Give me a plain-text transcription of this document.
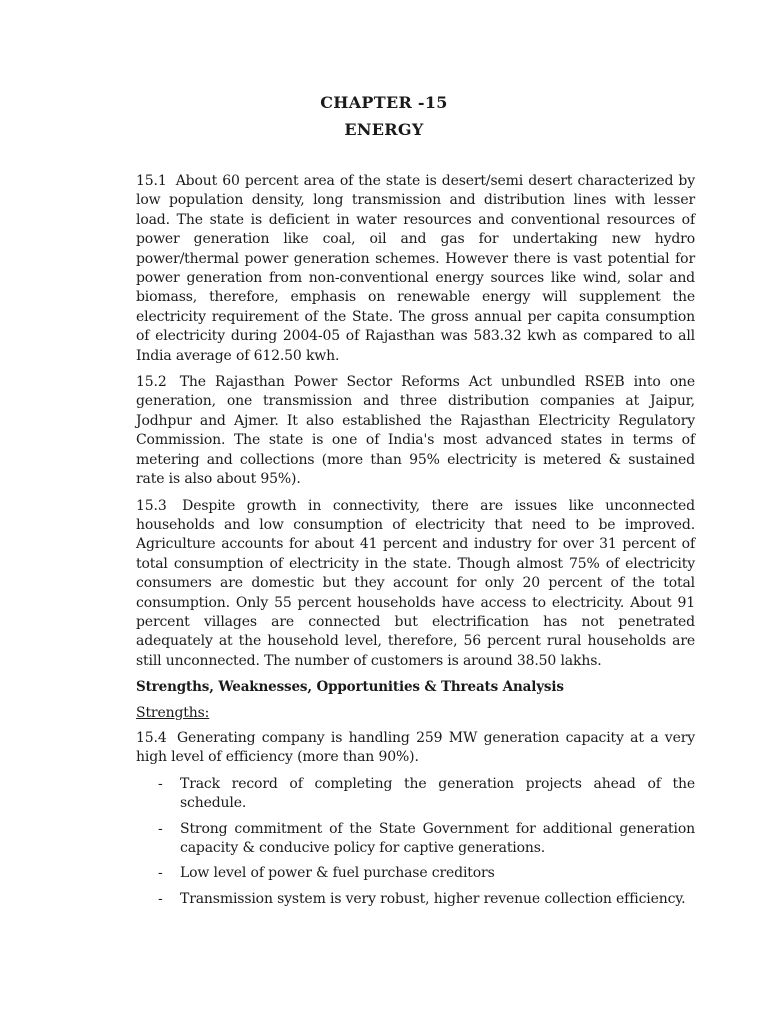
CHAPTER -15
ENERGY

15.1 About 60 percent area of the state is desert/semi desert characterized by low population density, long transmission and distribution lines with lesser load. The state is deficient in water resources and conventional resources of power generation like coal, oil and gas for undertaking new hydro power/thermal power generation schemes. However there is vast potential for power generation from non-conventional energy sources like wind, solar and biomass, therefore, emphasis on renewable energy will supplement the electricity requirement of the State. The gross annual per capita consumption of electricity during 2004-05 of Rajasthan was 583.32 kwh as compared to all India average of 612.50 kwh.

15.2 The Rajasthan Power Sector Reforms Act unbundled RSEB into one generation, one transmission and three distribution companies at Jaipur, Jodhpur and Ajmer. It also established the Rajasthan Electricity Regulatory Commission. The state is one of India's most advanced states in terms of metering and collections (more than 95% electricity is metered & sustained rate is also about 95%).

15.3 Despite growth in connectivity, there are issues like unconnected households and low consumption of electricity that need to be improved. Agriculture accounts for about 41 percent and industry for over 31 percent of total consumption of electricity in the state. Though almost 75% of electricity consumers are domestic but they account for only 20 percent of the total consumption. Only 55 percent households have access to electricity. About 91 percent villages are connected but electrification has not penetrated adequately at the household level, therefore, 56 percent rural households are still unconnected. The number of customers is around 38.50 lakhs.

Strengths, Weaknesses, Opportunities & Threats Analysis
Strengths:

15.4 Generating company is handling 259 MW generation capacity at a very high level of efficiency (more than 90%).

- Track record of completing the generation projects ahead of the schedule.
- Strong commitment of the State Government for additional generation capacity & conducive policy for captive generations.
- Low level of power & fuel purchase creditors
- Transmission system is very robust, higher revenue collection efficiency.
